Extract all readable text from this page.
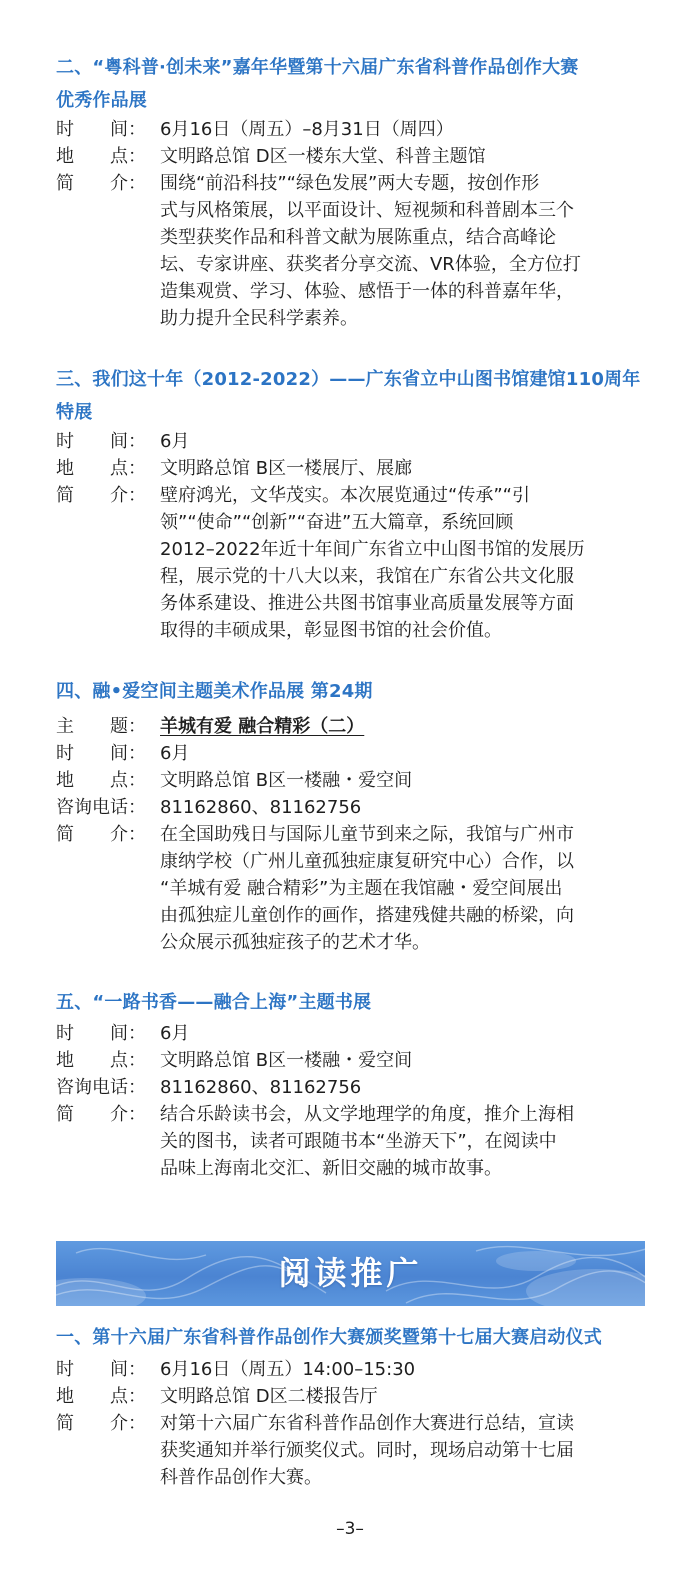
二、“粤科普·创未来”嘉年华暨第十六届广东省科普作品创作大赛
优秀作品展
时　　间： 6月16日（周五）–8月31日（周四）
地　　点： 文明路总馆 D区一楼东大堂、科普主题馆
简　　介： 围绕“前沿科技”“绿色发展”两大专题，按创作形
式与风格策展，以平面设计、短视频和科普剧本三个
类型获奖作品和科普文献为展陈重点，结合高峰论
坛、专家讲座、获奖者分享交流、VR体验，全方位打
造集观赏、学习、体验、感悟于一体的科普嘉年华，
助力提升全民科学素养。
三、我们这十年（2012-2022）——广东省立中山图书馆建馆110周年
特展
时　　间： 6月
地　　点： 文明路总馆 B区一楼展厅、展廊
简　　介： 壁府鸿光，文华茂实。本次展览通过“传承”“引
领”“使命”“创新”“奋进”五大篇章，系统回顾
2012–2022年近十年间广东省立中山图书馆的发展历
程，展示党的十八大以来，我馆在广东省公共文化服
务体系建设、推进公共图书馆事业高质量发展等方面
取得的丰硕成果，彰显图书馆的社会价值。
四、融•爱空间主题美术作品展 第24期
主　　题： 羊城有爱 融合精彩（二）
时　　间： 6月
地　　点： 文明路总馆 B区一楼融・爱空间
咨询电话： 81162860、81162756
简　　介： 在全国助残日与国际儿童节到来之际，我馆与广州市
康纳学校（广州儿童孤独症康复研究中心）合作，以
“羊城有爱 融合精彩”为主题在我馆融・爱空间展出
由孤独症儿童创作的画作，搭建残健共融的桥梁，向
公众展示孤独症孩子的艺术才华。
五、“一路书香——融合上海”主题书展
时　　间： 6月
地　　点： 文明路总馆 B区一楼融・爱空间
咨询电话： 81162860、81162756
简　　介： 结合乐龄读书会，从文学地理学的角度，推介上海相
关的图书，读者可跟随书本“坐游天下”，在阅读中
品味上海南北交汇、新旧交融的城市故事。
阅读推广
一、第十六届广东省科普作品创作大赛颁奖暨第十七届大赛启动仪式
时　　间： 6月16日（周五）14:00–15:30
地　　点： 文明路总馆 D区二楼报告厅
简　　介： 对第十六届广东省科普作品创作大赛进行总结，宣读
获奖通知并举行颁奖仪式。同时，现场启动第十七届
科普作品创作大赛。
–3–
